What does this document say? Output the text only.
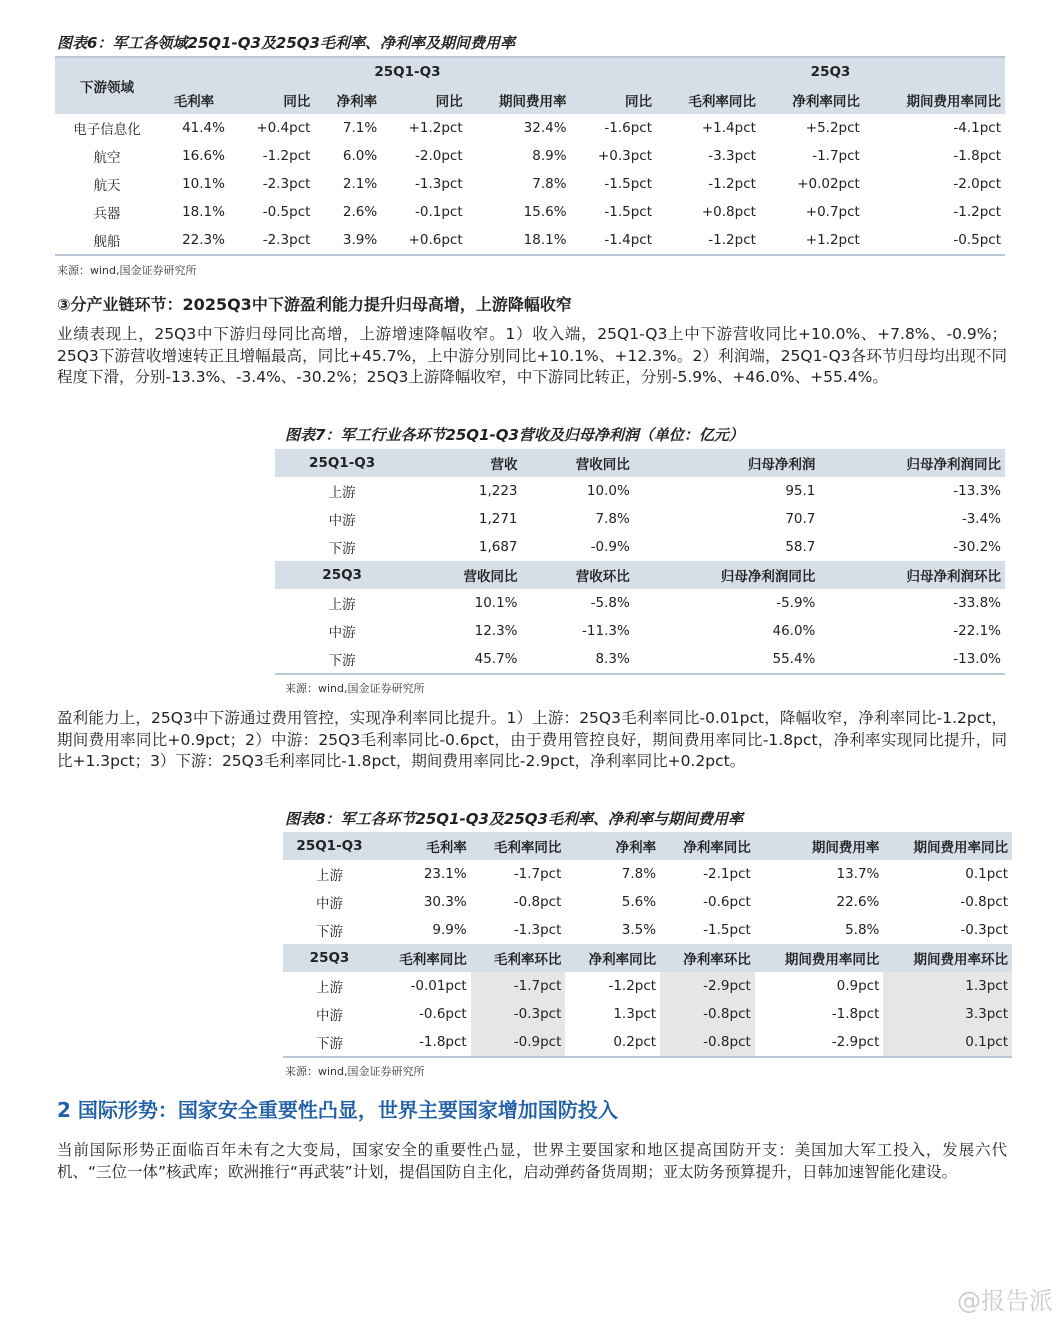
图表6：军工各领域25Q1-Q3及25Q3毛利率、净利率及期间费用率
下游领域	25Q1-Q3						25Q3		
	毛利率	同比	净利率	同比	期间费用率	同比	毛利率同比	净利率同比	期间费用率同比
电子信息化	41.4%	+0.4pct	7.1%	+1.2pct	32.4%	-1.6pct	+1.4pct	+5.2pct	-4.1pct
航空	16.6%	-1.2pct	6.0%	-2.0pct	8.9%	+0.3pct	-3.3pct	-1.7pct	-1.8pct
航天	10.1%	-2.3pct	2.1%	-1.3pct	7.8%	-1.5pct	-1.2pct	+0.02pct	-2.0pct
兵器	18.1%	-0.5pct	2.6%	-0.1pct	15.6%	-1.5pct	+0.8pct	+0.7pct	-1.2pct
舰船	22.3%	-2.3pct	3.9%	+0.6pct	18.1%	-1.4pct	-1.2pct	+1.2pct	-0.5pct
来源：wind,国金证券研究所
③分产业链环节：2025Q3中下游盈利能力提升归母高增，上游降幅收窄
业绩表现上，25Q3中下游归母同比高增，上游增速降幅收窄。1）收入端，25Q1-Q3上中下游营收同比+10.0%、+7.8%、-0.9%；25Q3下游营收增速转正且增幅最高，同比+45.7%，上中游分别同比+10.1%、+12.3%。2）利润端，25Q1-Q3各环节归母均出现不同程度下滑，分别-13.3%、-3.4%、-30.2%；25Q3上游降幅收窄，中下游同比转正，分别-5.9%、+46.0%、+55.4%。
图表7：军工行业各环节25Q1-Q3营收及归母净利润（单位：亿元）
25Q1-Q3	营收	营收同比	归母净利润	归母净利润同比
上游	1,223	10.0%	95.1	-13.3%
中游	1,271	7.8%	70.7	-3.4%
下游	1,687	-0.9%	58.7	-30.2%
25Q3	营收同比	营收环比	归母净利润同比	归母净利润环比
上游	10.1%	-5.8%	-5.9%	-33.8%
中游	12.3%	-11.3%	46.0%	-22.1%
下游	45.7%	8.3%	55.4%	-13.0%
来源：wind,国金证券研究所
盈利能力上，25Q3中下游通过费用管控，实现净利率同比提升。1）上游：25Q3毛利率同比-0.01pct，降幅收窄，净利率同比-1.2pct，期间费用率同比+0.9pct；2）中游：25Q3毛利率同比-0.6pct，由于费用管控良好，期间费用率同比-1.8pct，净利率实现同比提升，同比+1.3pct；3）下游：25Q3毛利率同比-1.8pct，期间费用率同比-2.9pct，净利率同比+0.2pct。
图表8：军工各环节25Q1-Q3及25Q3毛利率、净利率与期间费用率
25Q1-Q3	毛利率	毛利率同比	净利率	净利率同比	期间费用率	期间费用率同比
上游	23.1%	-1.7pct	7.8%	-2.1pct	13.7%	0.1pct
中游	30.3%	-0.8pct	5.6%	-0.6pct	22.6%	-0.8pct
下游	9.9%	-1.3pct	3.5%	-1.5pct	5.8%	-0.3pct
25Q3	毛利率同比	毛利率环比	净利率同比	净利率环比	期间费用率同比	期间费用率环比
上游	-0.01pct	-1.7pct	-1.2pct	-2.9pct	0.9pct	1.3pct
中游	-0.6pct	-0.3pct	1.3pct	-0.8pct	-1.8pct	3.3pct
下游	-1.8pct	-0.9pct	0.2pct	-0.8pct	-2.9pct	0.1pct
来源：wind,国金证券研究所
2 国际形势：国家安全重要性凸显，世界主要国家增加国防投入
当前国际形势正面临百年未有之大变局，国家安全的重要性凸显，世界主要国家和地区提高国防开支：美国加大军工投入，发展六代机、“三位一体”核武库；欧洲推行“再武装”计划，提倡国防自主化，启动弹药备货周期；亚太防务预算提升，日韩加速智能化建设。
@报告派
